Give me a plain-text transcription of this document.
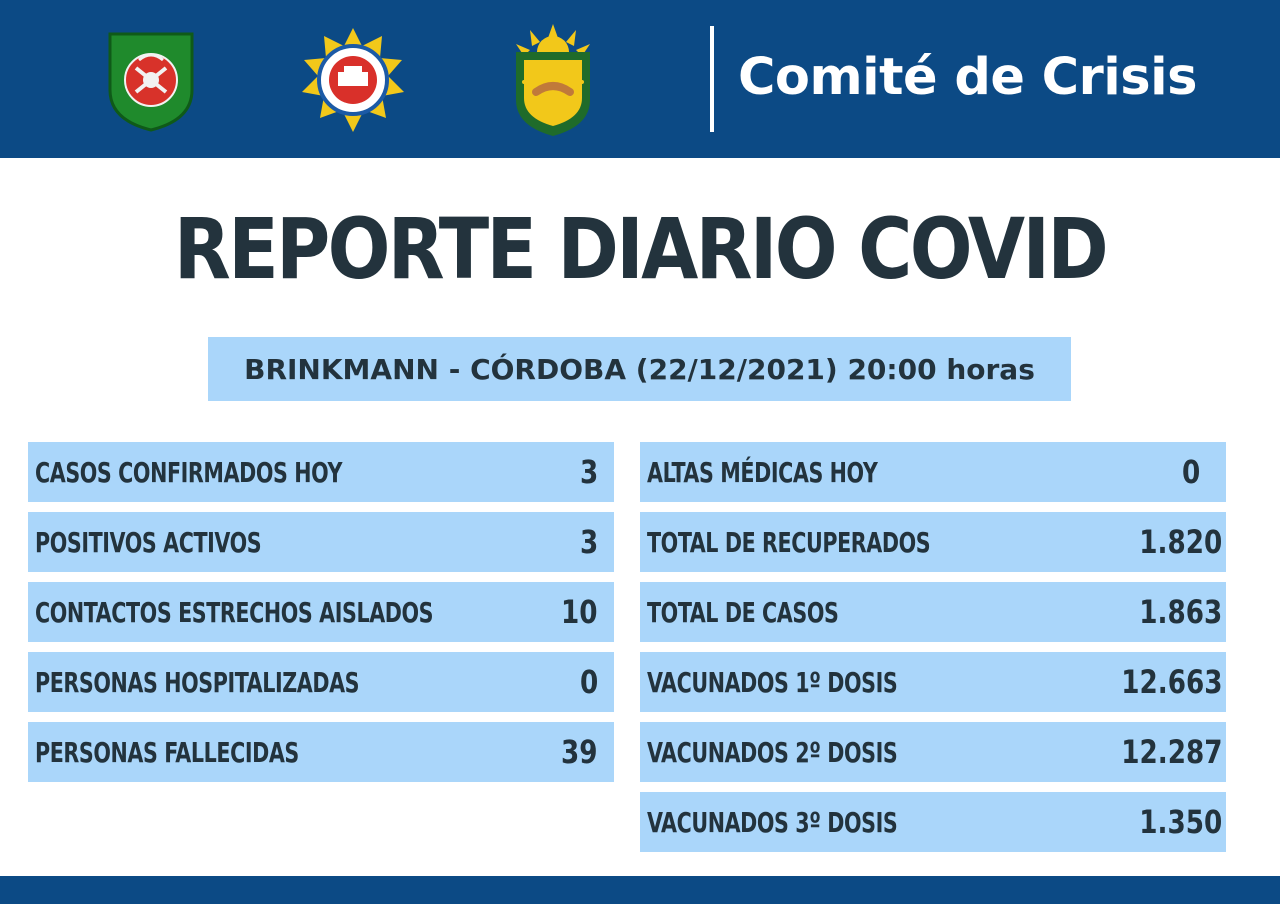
Comité de Crisis
REPORTE DIARIO COVID
BRINKMANN - CÓRDOBA (22/12/2021) 20:00 horas
CASOS CONFIRMADOS HOY	3
POSITIVOS ACTIVOS	3
CONTACTOS ESTRECHOS AISLADOS	10
PERSONAS HOSPITALIZADAS	0
PERSONAS FALLECIDAS	39
ALTAS MÉDICAS HOY	0
TOTAL DE RECUPERADOS	1.820
TOTAL DE CASOS	1.863
VACUNADOS 1º DOSIS	12.663
VACUNADOS 2º DOSIS	12.287
VACUNADOS 3º DOSIS	1.350
